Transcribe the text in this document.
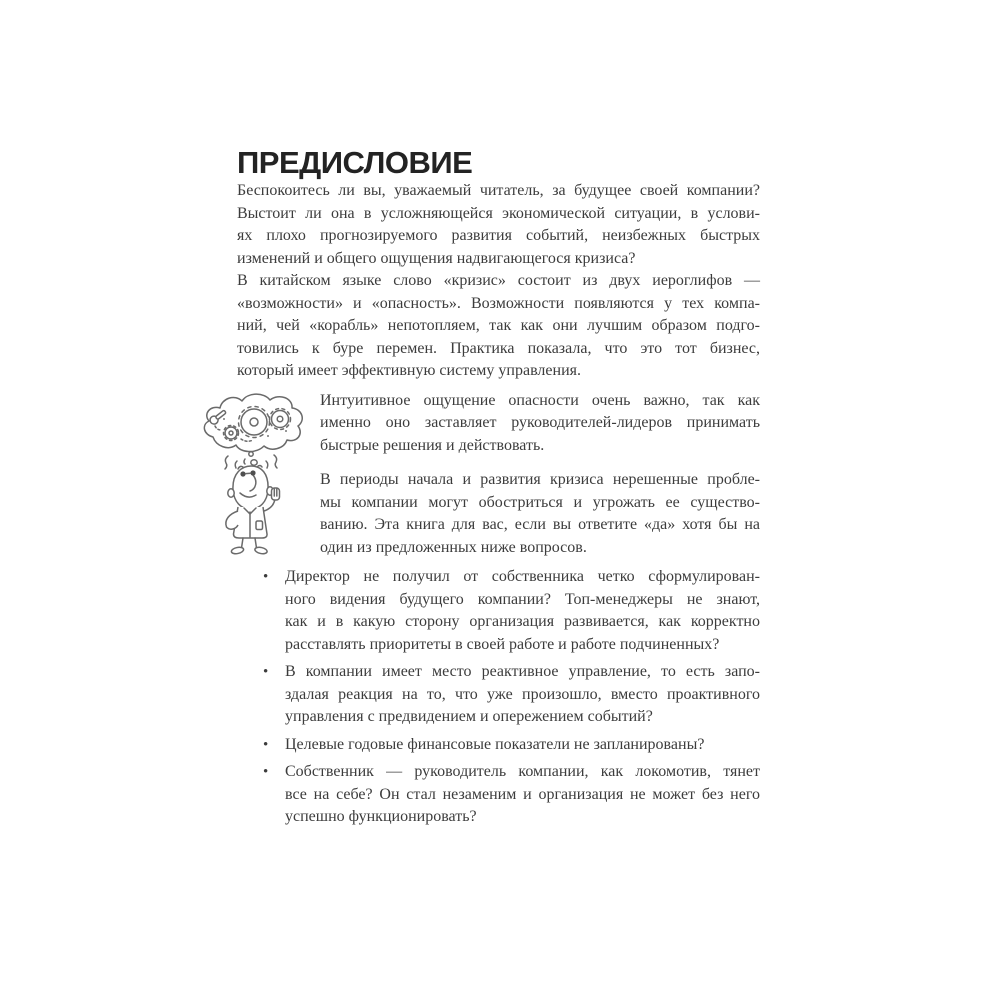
ПРЕДИСЛОВИЕ

Беспокоитесь ли вы, уважаемый читатель, за будущее своей компании?
Выстоит ли она в усложняющейся экономической ситуации, в услови-
ях плохо прогнозируемого развития событий, неизбежных быстрых
изменений и общего ощущения надвигающегося кризиса?

В китайском языке слово «кризис» состоит из двух иероглифов —
«возможности» и «опасность». Возможности появляются у тех компа-
ний, чей «корабль» непотопляем, так как они лучшим образом подго-
товились к буре перемен. Практика показала, что это тот бизнес,
который имеет эффективную систему управления.

Интуитивное ощущение опасности очень важно, так как
именно оно заставляет руководителей-лидеров принимать
быстрые решения и действовать.

В периоды начала и развития кризиса нерешенные пробле-
мы компании могут обостриться и угрожать ее существо-
ванию. Эта книга для вас, если вы ответите «да» хотя бы на
один из предложенных ниже вопросов.

• Директор не получил от собственника четко сформулирован-
ного видения будущего компании? Топ-менеджеры не знают,
как и в какую сторону организация развивается, как корректно
расставлять приоритеты в своей работе и работе подчиненных?
• В компании имеет место реактивное управление, то есть запо-
здалая реакция на то, что уже произошло, вместо проактивного
управления с предвидением и опережением событий?
• Целевые годовые финансовые показатели не запланированы?
• Собственник — руководитель компании, как локомотив, тянет
все на себе? Он стал незаменим и организация не может без него
успешно функционировать?
